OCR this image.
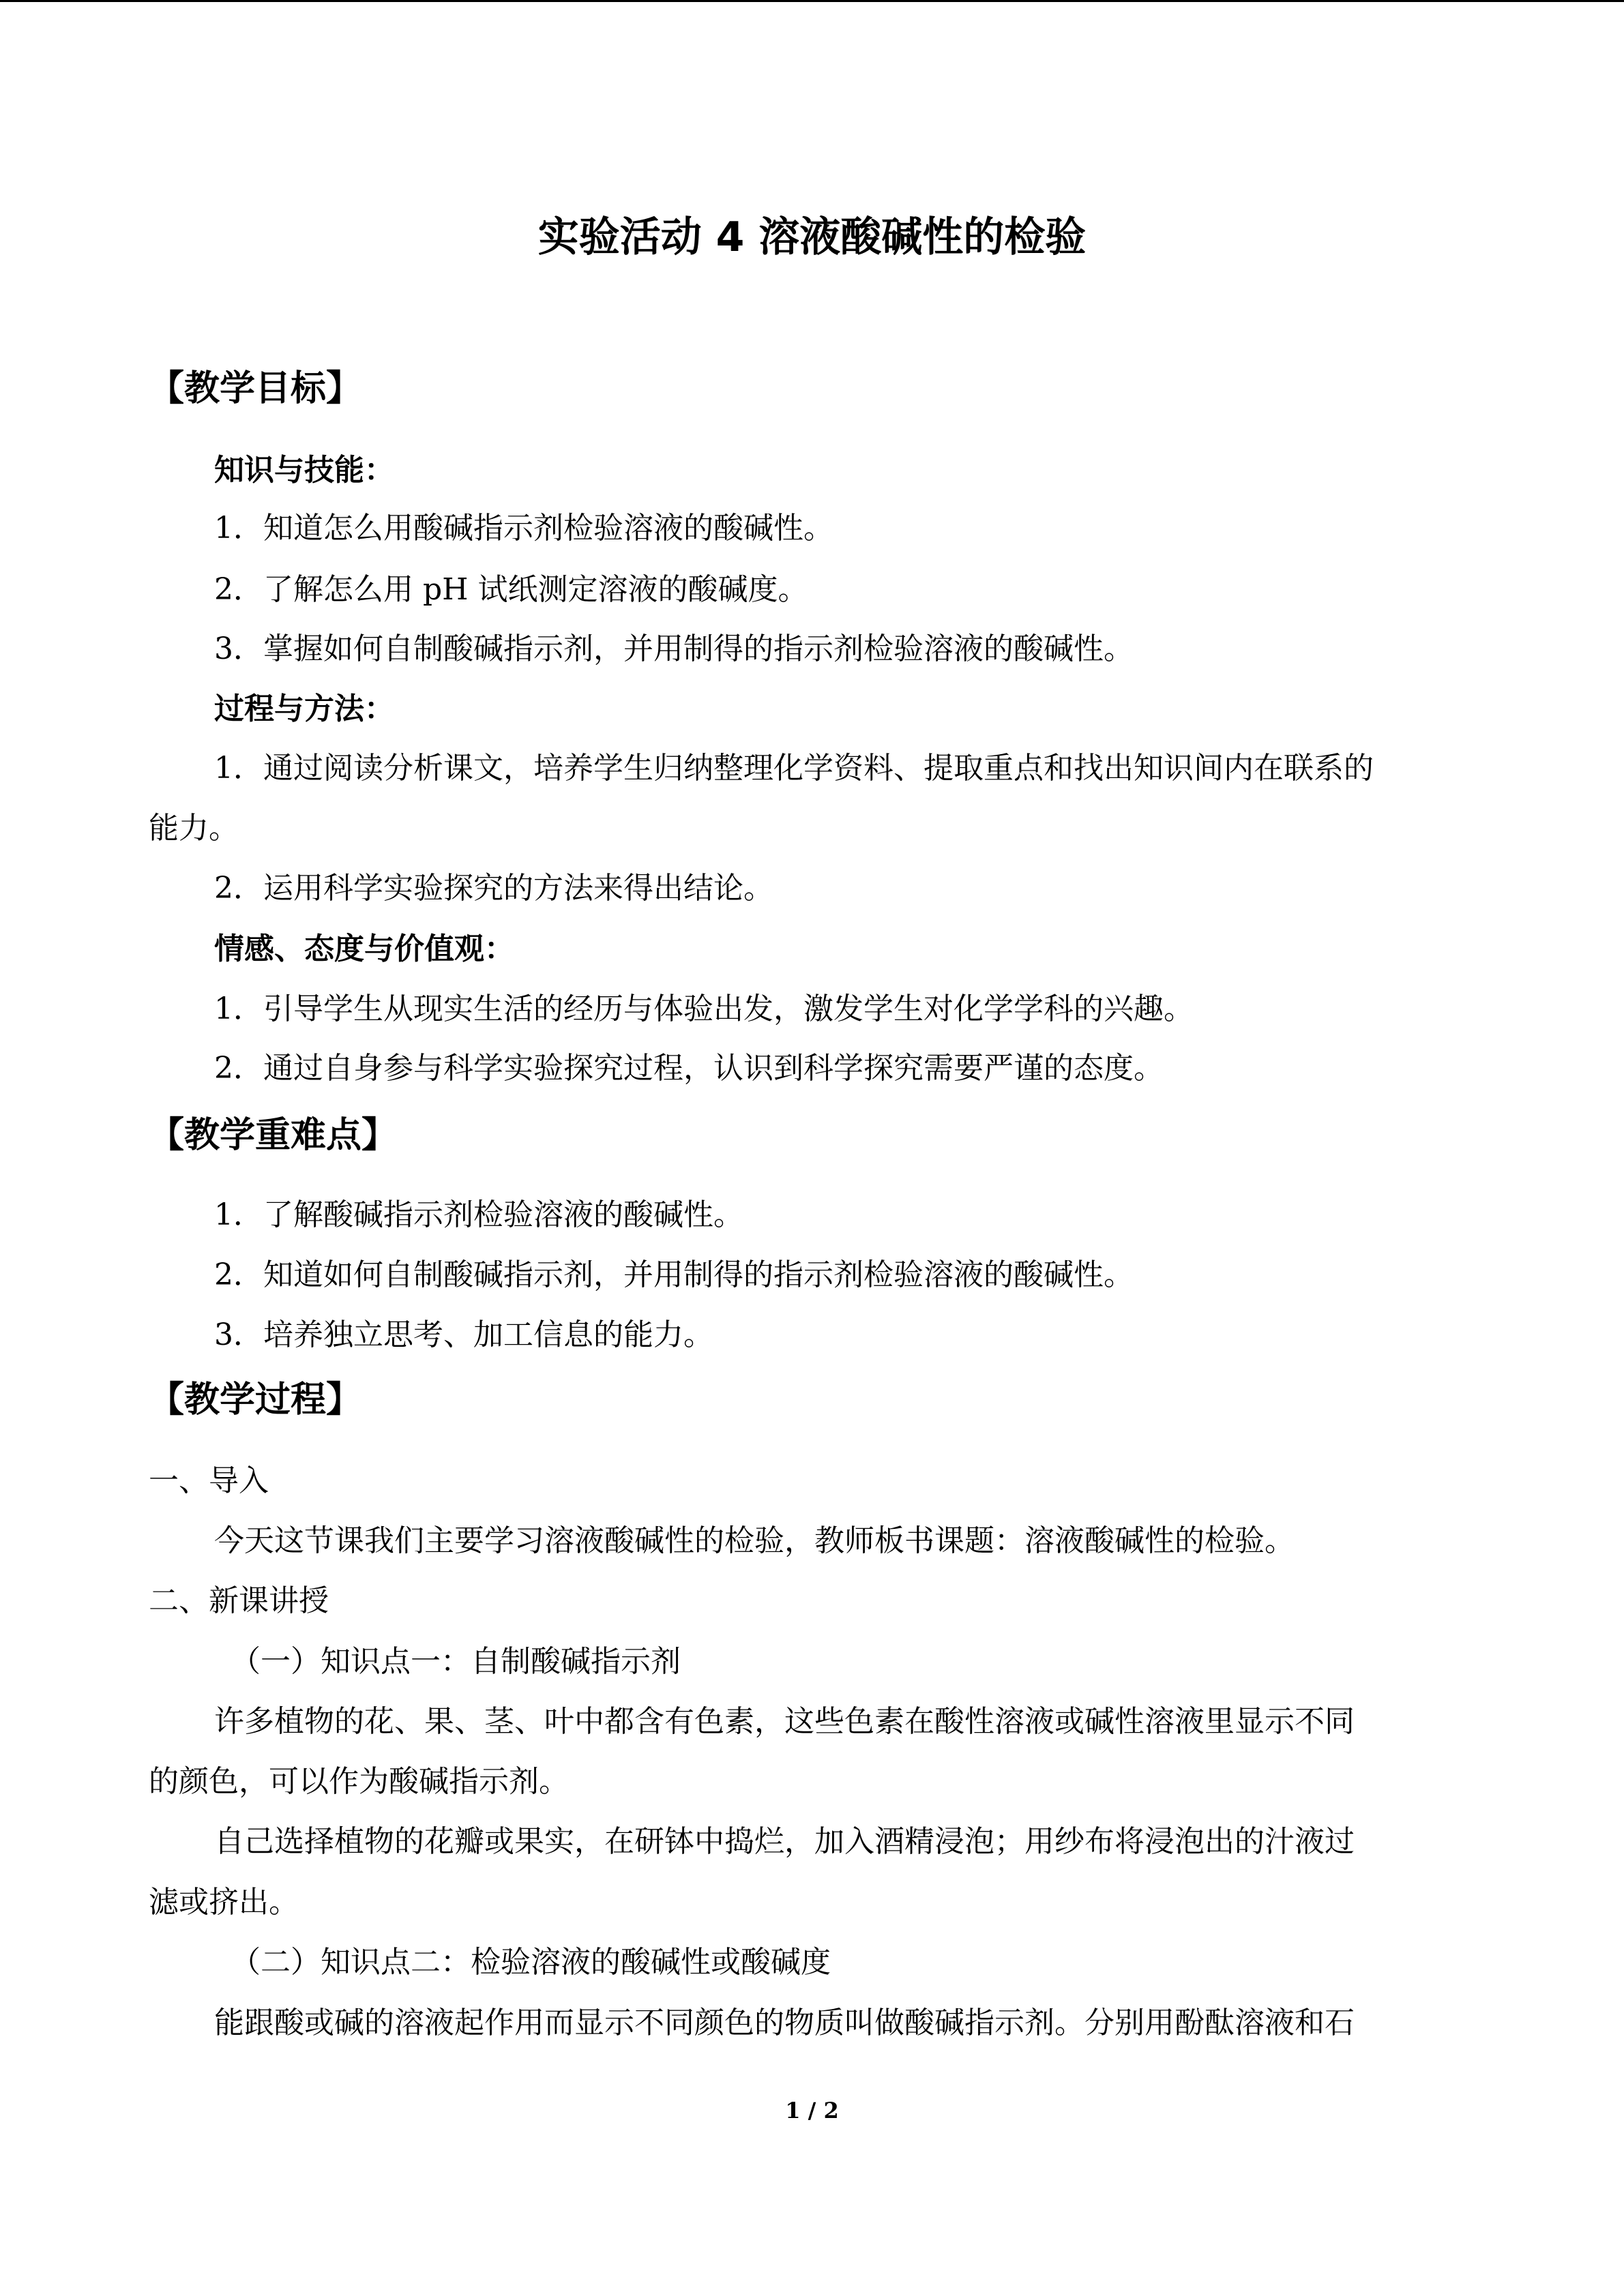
实验活动 4 溶液酸碱性的检验
【教学目标】
知识与技能：
1．知道怎么用酸碱指示剂检验溶液的酸碱性。
2．了解怎么用 pH 试纸测定溶液的酸碱度。
3．掌握如何自制酸碱指示剂，并用制得的指示剂检验溶液的酸碱性。
过程与方法：
1．通过阅读分析课文，培养学生归纳整理化学资料、提取重点和找出知识间内在联系的
能力。
2．运用科学实验探究的方法来得出结论。
情感、态度与价值观：
1．引导学生从现实生活的经历与体验出发，激发学生对化学学科的兴趣。
2．通过自身参与科学实验探究过程，认识到科学探究需要严谨的态度。
【教学重难点】
1．了解酸碱指示剂检验溶液的酸碱性。
2．知道如何自制酸碱指示剂，并用制得的指示剂检验溶液的酸碱性。
3．培养独立思考、加工信息的能力。
【教学过程】
一、导入
今天这节课我们主要学习溶液酸碱性的检验，教师板书课题：溶液酸碱性的检验。
二、新课讲授
（一）知识点一：自制酸碱指示剂
许多植物的花、果、茎、叶中都含有色素，这些色素在酸性溶液或碱性溶液里显示不同
的颜色，可以作为酸碱指示剂。
自己选择植物的花瓣或果实，在研钵中捣烂，加入酒精浸泡；用纱布将浸泡出的汁液过
滤或挤出。
（二）知识点二：检验溶液的酸碱性或酸碱度
能跟酸或碱的溶液起作用而显示不同颜色的物质叫做酸碱指示剂。分别用酚酞溶液和石
1 / 2
